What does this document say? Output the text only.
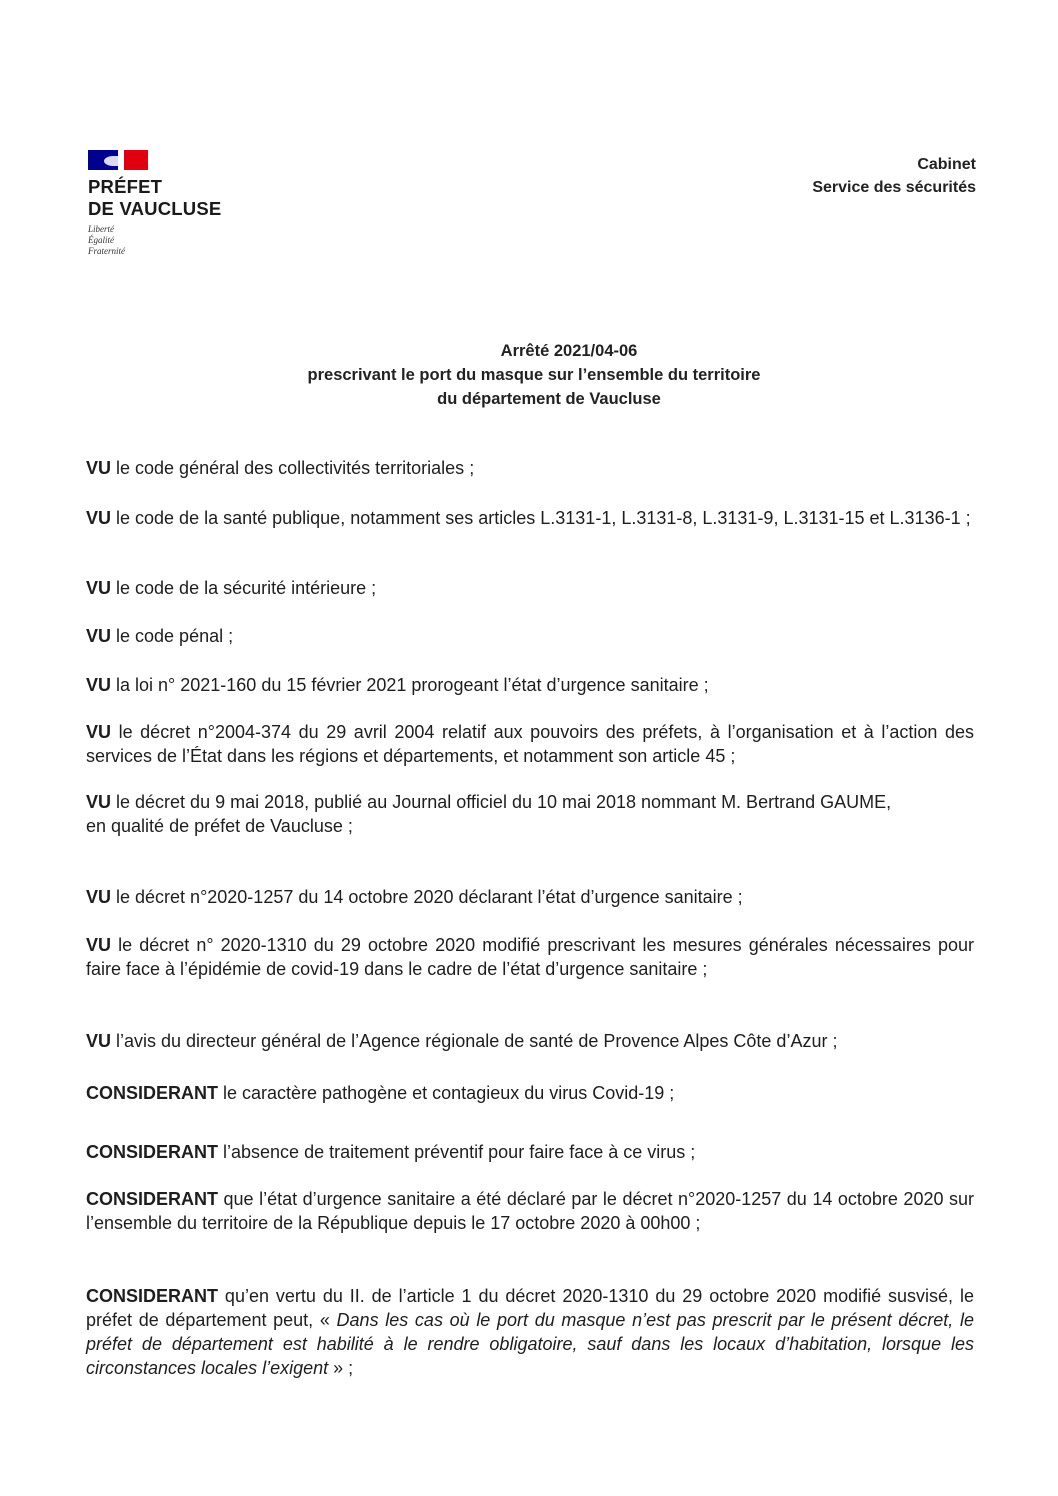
PRÉFET
DE VAUCLUSE
Liberté
Égalité
Fraternité
Cabinet
Service des sécurités
Arrêté 2021/04-06
prescrivant le port du masque sur l’ensemble du territoire
du département de Vaucluse
VU le code général des collectivités territoriales ;
VU le code de la santé publique, notamment ses articles L.3131-1, L.3131-8, L.3131-9, L.3131-15 et L.3136-1 ;
VU le code de la sécurité intérieure ;
VU le code pénal ;
VU la loi n° 2021-160 du 15 février 2021 prorogeant l’état d’urgence sanitaire ;
VU le décret n°2004-374 du 29 avril 2004 relatif aux pouvoirs des préfets, à l’organisation et à l’action des services de l’État dans les régions et départements, et notamment son article 45 ;
VU le décret du 9 mai 2018, publié au Journal officiel du 10 mai 2018 nommant M. Bertrand GAUME,
en qualité de préfet de Vaucluse ;
VU le décret n°2020-1257 du 14 octobre 2020 déclarant l’état d’urgence sanitaire ;
VU le décret n° 2020-1310 du 29 octobre 2020 modifié prescrivant les mesures générales nécessaires pour faire face à l’épidémie de covid-19 dans le cadre de l’état d’urgence sanitaire ;
VU l’avis du directeur général de l’Agence régionale de santé de Provence Alpes Côte d’Azur ;
CONSIDERANT le caractère pathogène et contagieux du virus Covid-19 ;
CONSIDERANT l’absence de traitement préventif pour faire face à ce virus ;
CONSIDERANT que l’état d’urgence sanitaire a été déclaré par le décret n°2020-1257 du 14 octobre 2020 sur l’ensemble du territoire de la République depuis le 17 octobre 2020 à 00h00 ;
CONSIDERANT qu’en vertu du II. de l’article 1 du décret 2020-1310 du 29 octobre 2020 modifié susvisé, le préfet de département peut, « Dans les cas où le port du masque n’est pas prescrit par le présent décret, le préfet de département est habilité à le rendre obligatoire, sauf dans les locaux d’habitation, lorsque les circonstances locales l’exigent » ;
